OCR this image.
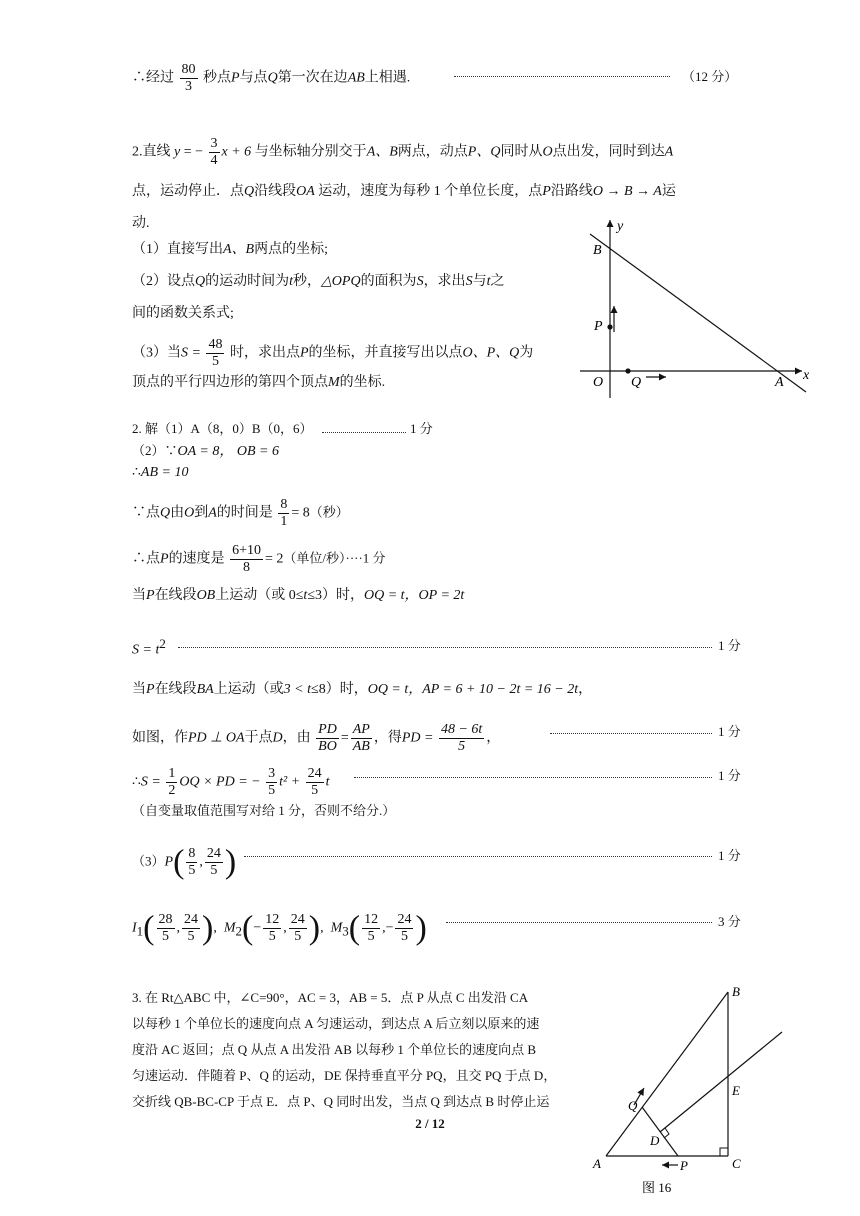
∴经过 $\frac{80}{3}$ 秒点P与点Q第一次在边AB上相遇.	（12 分）
2.直线 y = − $\frac{3}{4}$ x + 6 与坐标轴分别交于A、B两点，动点P、Q同时从O点出发，同时到达A
点，运动停止．点Q沿线段OA 运动，速度为每秒 1 个单位长度，点P沿路线O → B → A运
动.
（1）直接写出A、B两点的坐标;
（2）设点Q的运动时间为t秒，△OPQ的面积为S，求出S与t之
间的函数关系式;
（3）当$S = \frac{48}{5}$ 时，求出点P的坐标，并直接写出以点O、P、Q为
顶点的平行四边形的第四个顶点M的坐标.
y
x
B
P
O Q	A
2. 解（1）A（8，0）B（0，6）	1 分
（2）∵OA = 8， OB = 6
∴AB = 10
∵点Q由O到A的时间是 $\frac{8}{1} = 8$（秒）
∴点P的速度是 $\frac{6+10}{8} = 2$（单位/秒）····1 分
当P在线段OB上运动（或 0≤t≤3）时，OQ = t，OP = 2t
$S = t^2$	1 分
当P在线段BA上运动（或3 < t≤8）时，OQ = t，AP = 6 + 10 − 2t = 16 − 2t，
如图，作PD ⊥ OA于点D，由 $\frac{PD}{BO} = \frac{AP}{AB}$ ，得PD = $\frac{48 - 6t}{5}$ ，	1 分
∴S = $\frac{1}{2}$ OQ × PD = − $\frac{3}{5} t^2 + \frac{24}{5}$ t	1 分
（自变量取值范围写对给 1 分，否则不给分.）
$(3)P( \frac{8}{5}$ , $\frac{24}{5}$ )	1 分
$I_1( \frac{28}{5}$ , $\frac{24}{5}$ ),  $M_2(- \frac{12}{5}$ , $\frac{24}{5}$ ),  $M_3( \frac{12}{5}$ ,− $\frac{24}{5}$ )	3 分
3. 在 Rt△ABC 中，∠C=90°，AC = 3，AB = 5．点 P 从点 C 出发沿 CA
以每秒 1 个单位长的速度向点 A 匀速运动，到达点 A 后立刻以原来的速
度沿 AC 返回；点 Q 从点 A 出发沿 AB 以每秒 1 个单位长的速度向点 B
匀速运动．伴随着 P、Q 的运动，DE 保持垂直平分 PQ，且交 PQ 于点 D，
交折线 QB-BC-CP 于点 E．点 P、Q 同时出发，当点 Q 到达点 B 时停止运
B
E
Q
D
A	P	C
图 16
2 / 12
